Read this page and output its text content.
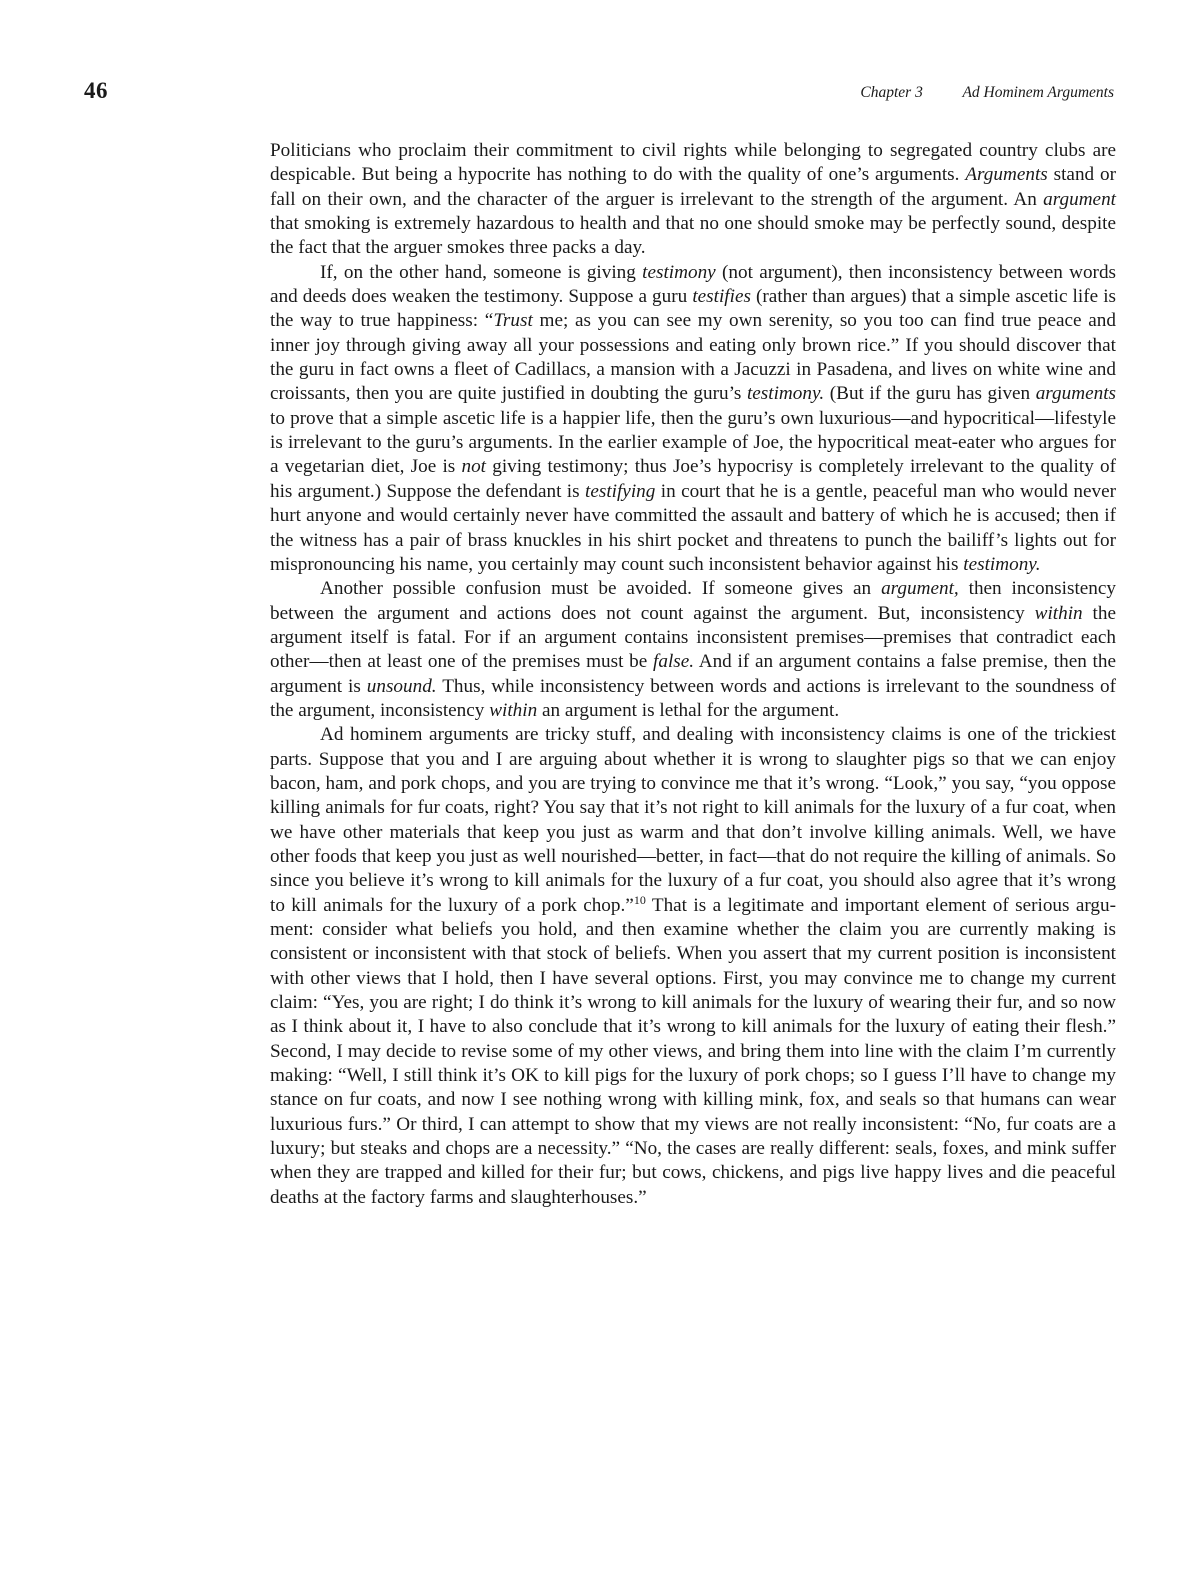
46	Chapter 3	Ad Hominem Arguments

Politicians who proclaim their commitment to civil rights while belonging to segregated country clubs are despicable. But being a hypocrite has nothing to do with the quality of one’s arguments. Arguments stand or fall on their own, and the character of the arguer is irrelevant to the strength of the argument. An argument that smoking is extremely hazardous to health and that no one should smoke may be perfectly sound, despite the fact that the arguer smokes three packs a day.

If, on the other hand, someone is giving testimony (not argument), then inconsistency between words and deeds does weaken the testimony. Suppose a guru testifies (rather than argues) that a simple ascetic life is the way to true happiness: “Trust me; as you can see my own serenity, so you too can find true peace and inner joy through giving away all your possessions and eating only brown rice.” If you should discover that the guru in fact owns a fleet of Cadillacs, a mansion with a Jacuzzi in Pasadena, and lives on white wine and croissants, then you are quite justified in doubting the guru’s testimony. (But if the guru has given arguments to prove that a simple ascetic life is a happier life, then the guru’s own luxurious—and hypocritical—lifestyle is irrelevant to the guru’s arguments. In the earlier example of Joe, the hypocritical meat-eater who argues for a vegetarian diet, Joe is not giving testimony; thus Joe’s hypocrisy is completely irrelevant to the quality of his argument.) Suppose the defendant is testifying in court that he is a gentle, peaceful man who would never hurt anyone and would certainly never have committed the assault and battery of which he is accused; then if the witness has a pair of brass knuckles in his shirt pocket and threatens to punch the bailiff’s lights out for mispronouncing his name, you certainly may count such inconsistent behavior against his testimony.

Another possible confusion must be avoided. If someone gives an argument, then inconsistency between the argument and actions does not count against the argument. But, inconsistency within the argument itself is fatal. For if an argument contains inconsistent premises—premises that contradict each other—then at least one of the premises must be false. And if an argument contains a false premise, then the argument is unsound. Thus, while inconsistency between words and actions is irrelevant to the soundness of the argument, inconsistency within an argument is lethal for the argument.

Ad hominem arguments are tricky stuff, and dealing with inconsistency claims is one of the trickiest parts. Suppose that you and I are arguing about whether it is wrong to slaughter pigs so that we can enjoy bacon, ham, and pork chops, and you are trying to convince me that it’s wrong. “Look,” you say, “you oppose killing animals for fur coats, right? You say that it’s not right to kill animals for the luxury of a fur coat, when we have other materials that keep you just as warm and that don’t involve killing animals. Well, we have other foods that keep you just as well nourished—better, in fact—that do not require the killing of animals. So since you believe it’s wrong to kill animals for the luxury of a fur coat, you should also agree that it’s wrong to kill animals for the luxury of a pork chop.”$^{10}$ That is a legitimate and important element of serious argument: consider what beliefs you hold, and then examine whether the claim you are currently making is consistent or inconsistent with that stock of beliefs. When you assert that my current position is inconsistent with other views that I hold, then I have several options. First, you may convince me to change my current claim: “Yes, you are right; I do think it’s wrong to kill animals for the luxury of wearing their fur, and so now as I think about it, I have to also conclude that it’s wrong to kill animals for the luxury of eating their flesh.” Second, I may decide to revise some of my other views, and bring them into line with the claim I’m currently making: “Well, I still think it’s OK to kill pigs for the luxury of pork chops; so I guess I’ll have to change my stance on fur coats, and now I see nothing wrong with killing mink, fox, and seals so that humans can wear luxurious furs.” Or third, I can attempt to show that my views are not really inconsistent: “No, fur coats are a luxury; but steaks and chops are a necessity.” “No, the cases are really different: seals, foxes, and mink suffer when they are trapped and killed for their fur; but cows, chickens, and pigs live happy lives and die peaceful deaths at the factory farms and slaughterhouses.”
